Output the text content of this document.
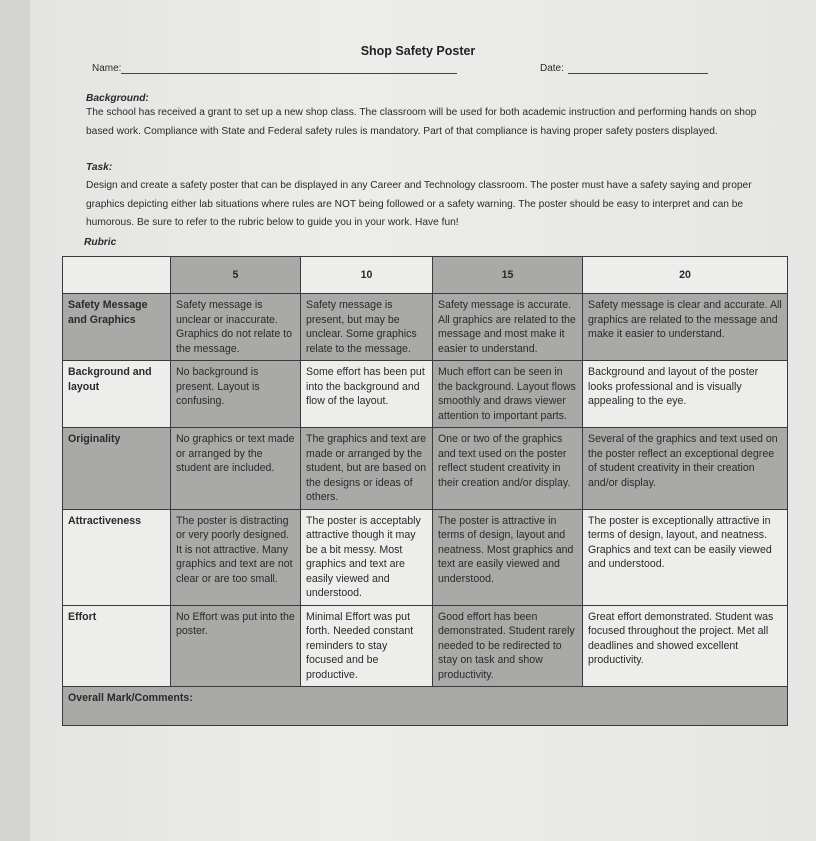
Shop Safety Poster
Name:	Date:
Background:
The school has received a grant to set up a new shop class. The classroom will be used for both academic instruction and performing hands on shop based work. Compliance with State and Federal safety rules is mandatory. Part of that compliance is having proper safety posters displayed.
Task:
Design and create a safety poster that can be displayed in any Career and Technology classroom. The poster must have a safety saying and proper graphics depicting either lab situations where rules are NOT being followed or a safety warning. The poster should be easy to interpret and can be humorous. Be sure to refer to the rubric below to guide you in your work. Have fun!
Rubric
	5	10	15	20
Safety Message and Graphics	Safety message is unclear or inaccurate. Graphics do not relate to the message.	Safety message is present, but may be unclear. Some graphics relate to the message.	Safety message is accurate. All graphics are related to the message and most make it easier to understand.	Safety message is clear and accurate. All graphics are related to the message and make it easier to understand.
Background and layout	No background is present. Layout is confusing.	Some effort has been put into the background and flow of the layout.	Much effort can be seen in the background. Layout flows smoothly and draws viewer attention to important parts.	Background and layout of the poster looks professional and is visually appealing to the eye.
Originality	No graphics or text made or arranged by the student are included.	The graphics and text are made or arranged by the student, but are based on the designs or ideas of others.	One or two of the graphics and text used on the poster reflect student creativity in their creation and/or display.	Several of the graphics and text used on the poster reflect an exceptional degree of student creativity in their creation and/or display.
Attractiveness	The poster is distracting or very poorly designed. It is not attractive. Many graphics and text are not clear or are too small.	The poster is acceptably attractive though it may be a bit messy. Most graphics and text are easily viewed and understood.	The poster is attractive in terms of design, layout and neatness. Most graphics and text are easily viewed and understood.	The poster is exceptionally attractive in terms of design, layout, and neatness. Graphics and text can be easily viewed and understood.
Effort	No Effort was put into the poster.	Minimal Effort was put forth. Needed constant reminders to stay focused and be productive.	Good effort has been demonstrated. Student rarely needed to be redirected to stay on task and show productivity.	Great effort demonstrated. Student was focused throughout the project. Met all deadlines and showed excellent productivity.
Overall Mark/Comments:				
